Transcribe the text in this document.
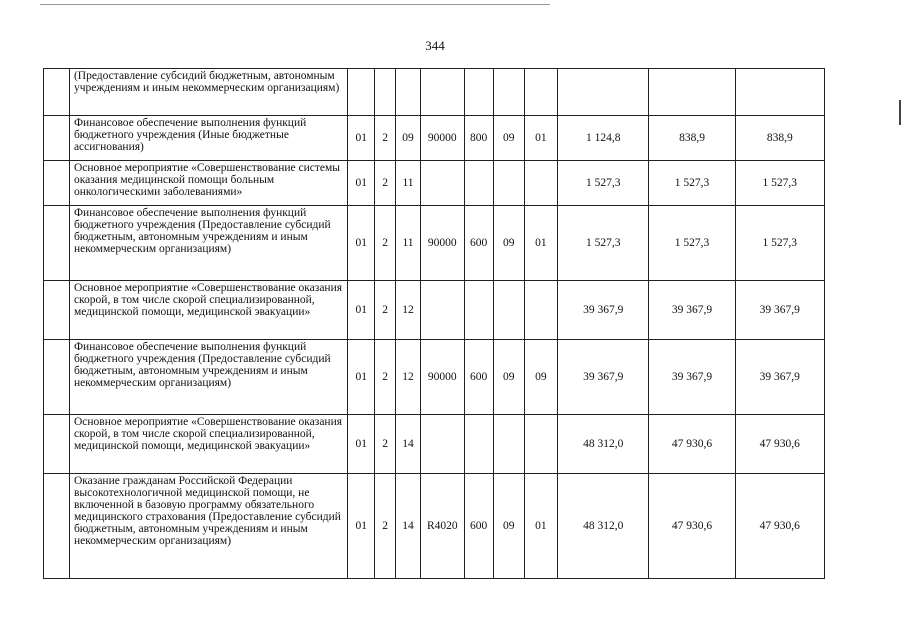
344
	(Предоставление субсидий бюджетным, автономным учреждениям и иным некоммерческим организациям)										
	Финансовое обеспечение выполнения функций бюджетного учреждения (Иные бюджетные ассигнования)	01	2	09	90000	800	09	01	1 124,8	838,9	838,9
	Основное мероприятие «Совершенствование системы оказания медицинской помощи больным онкологическими заболеваниями»	01	2	11					1 527,3	1 527,3	1 527,3
	Финансовое обеспечение выполнения функций бюджетного учреждения (Предоставление субсидий бюджетным, автономным учреждениям и иным некоммерческим организациям)	01	2	11	90000	600	09	01	1 527,3	1 527,3	1 527,3
	Основное мероприятие «Совершенствование оказания скорой, в том числе скорой специализированной, медицинской помощи, медицинской эвакуации»	01	2	12					39 367,9	39 367,9	39 367,9
	Финансовое обеспечение выполнения функций бюджетного учреждения (Предоставление субсидий бюджетным, автономным учреждениям и иным некоммерческим организациям)	01	2	12	90000	600	09	09	39 367,9	39 367,9	39 367,9
	Основное мероприятие «Совершенствование оказания скорой, в том числе скорой специализированной, медицинской помощи, медицинской эвакуации»	01	2	14					48 312,0	47 930,6	47 930,6
	Оказание гражданам Российской Федерации высокотехнологичной медицинской помощи, не включенной в базовую программу обязательного медицинского страхования (Предоставление субсидий бюджетным, автономным учреждениям и иным некоммерческим организациям)	01	2	14	R4020	600	09	01	48 312,0	47 930,6	47 930,6
